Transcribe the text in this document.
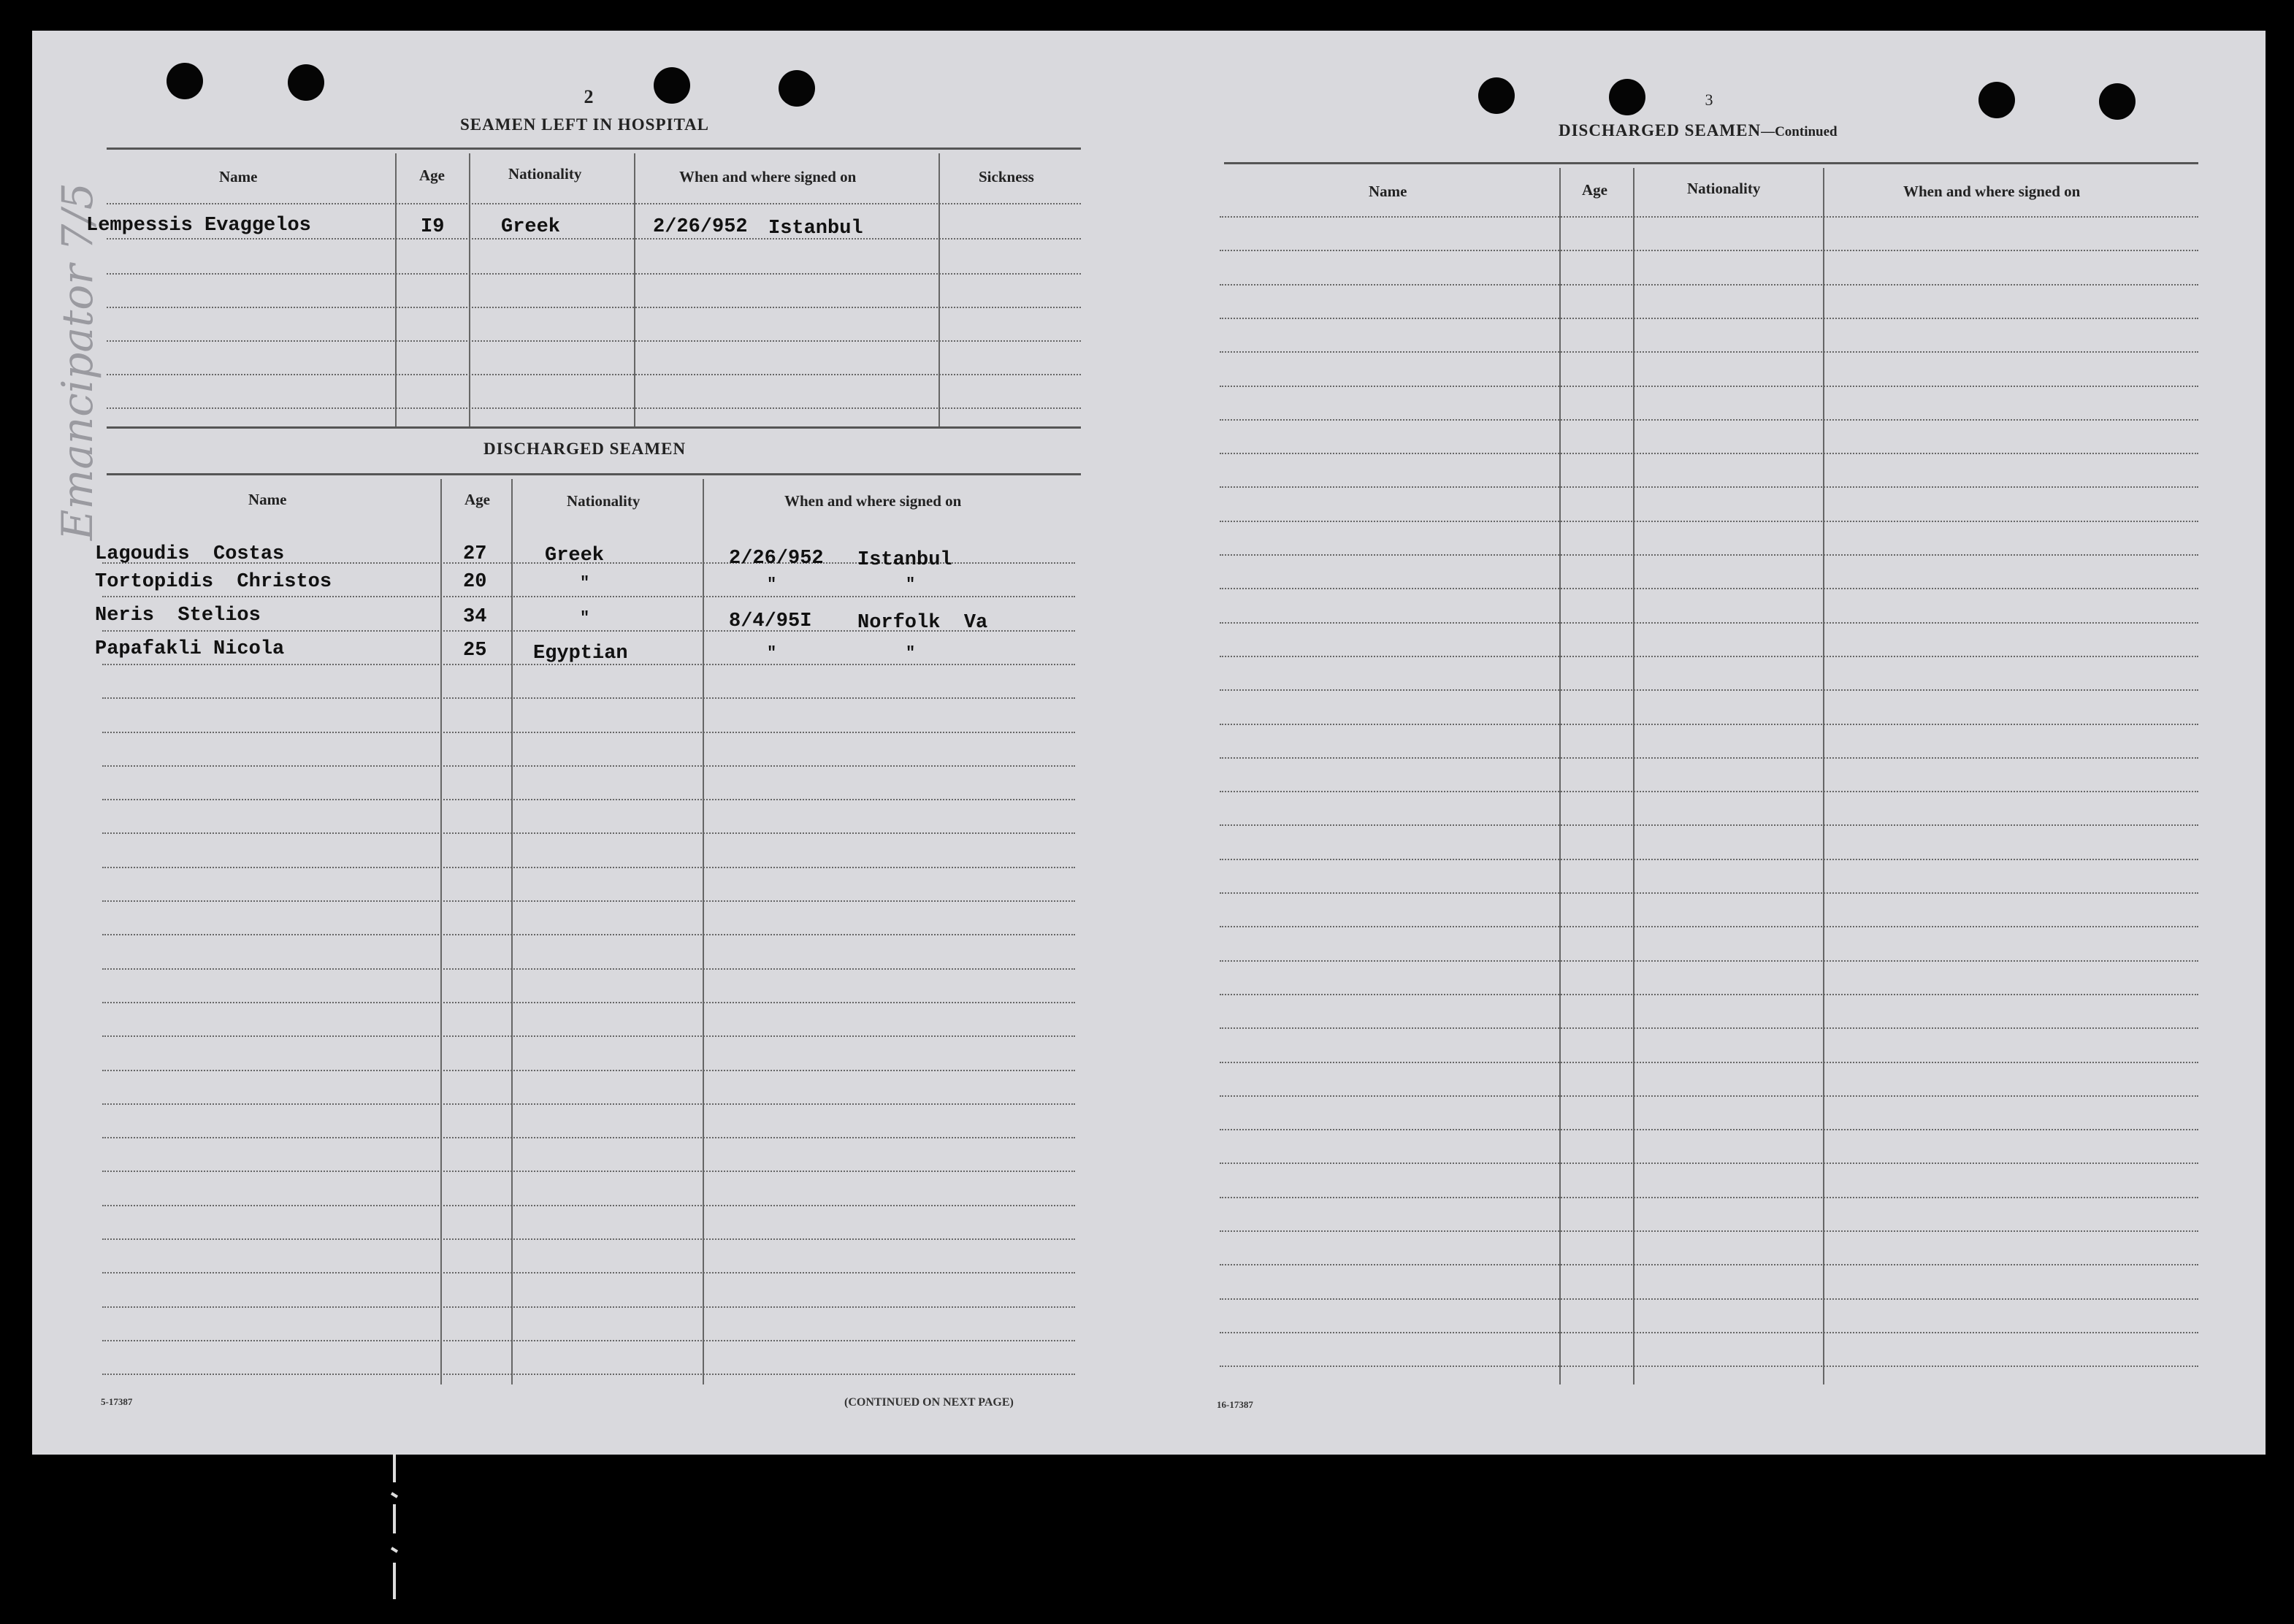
Emancipator 7/5
2
SEAMEN LEFT IN HOSPITAL
Name	Age	Nationality	When and where signed on	Sickness
Lempessis Evaggelos	I9	Greek	2/26/952 Istanbul
DISCHARGED SEAMEN
Name	Age	Nationality	When and where signed on
Lagoudis  Costas	27	Greek	2/26/952 Istanbul
Tortopidis  Christos	20	"	"	"
Neris  Stelios	34	"	8/4/95I Norfolk  Va
Papafakli Nicola	25 Egyptian	"	"
5-17387	(CONTINUED ON NEXT PAGE)
3
DISCHARGED SEAMEN—Continued
Name	Age	Nationality	When and where signed on
16-17387
